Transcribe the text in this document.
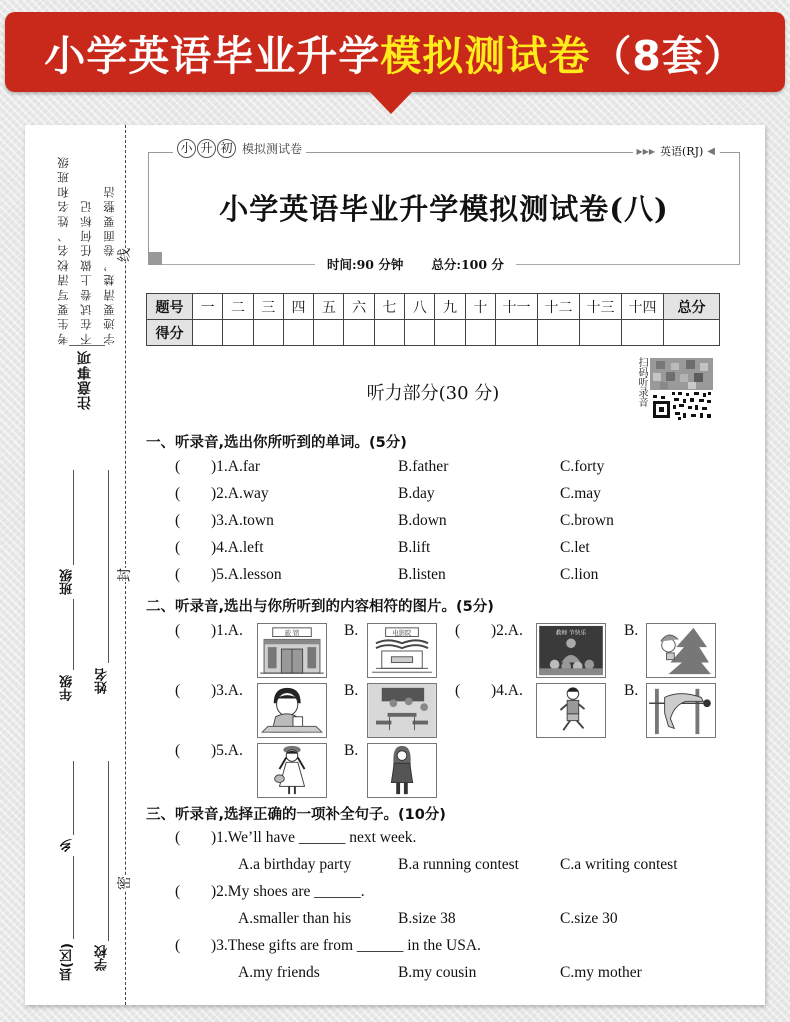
小学英语毕业升学模拟测试卷（8套）
线
封
密
考生要写清校名、姓名和班级 不在试卷上做任何标记 字迹要清楚，卷面要整洁
注意事项
年级
班级
姓名
县(区)
乡
学校
小 升 初 模拟测试卷	▶▶▶ 英语(RJ) ◀
小学英语毕业升学模拟测试卷(八)
时间:90 分钟 总分:100 分
题号	一	二	三	四	五	六	七	八	九	十	十一	十二	十三	十四	总分
得分															
听力部分(30 分)	扫码听录音
一、听录音,选出你所听到的单词。(5分)
( )1.A.far	B.father	C.forty
( )2.A.way	B.day	C.may
( )3.A.town	B.down	C.brown
( )4.A.left	B.lift	C.let
( )5.A.lesson	B.listen	C.lion
二、听录音,选出与你所听到的内容相符的图片。(5分)
( )1.A.	B.
旅 馆	电影院	( )2.A.	B.
教师 节快乐
( )3.A.	B.	( )4.A.	B.
( )5.A.	B.
三、听录音,选择正确的一项补全句子。(10分)
( )1.We’ll have ______ next week.
A.a birthday party	B.a running contest	C.a writing contest
( )2.My shoes are ______.
A.smaller than his	B.size 38	C.size 30
( )3.These gifts are from ______ in the USA.
A.my friends	B.my cousin	C.my mother
